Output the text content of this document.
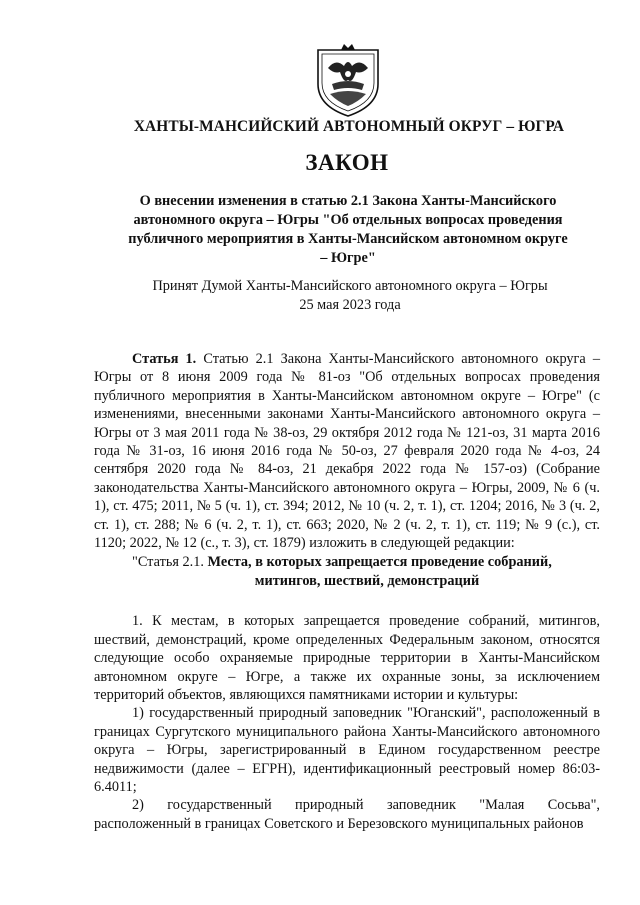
ХАНТЫ-МАНСИЙСКИЙ АВТОНОМНЫЙ ОКРУГ – ЮГРА
ЗАКОН
О внесении изменения в статью 2.1 Закона Ханты-Мансийского автономного округа – Югры "Об отдельных вопросах проведения публичного мероприятия в Ханты-Мансийском автономном округе – Югре"
Принят Думой Ханты-Мансийского автономного округа – Югры 25 мая 2023 года

Статья 1. Статью 2.1 Закона Ханты-Мансийского автономного округа – Югры от 8 июня 2009 года № 81-оз "Об отдельных вопросах проведения публичного мероприятия в Ханты-Мансийском автономном округе – Югре" (с изменениями, внесенными законами Ханты-Мансийского автономного округа – Югры от 3 мая 2011 года № 38-оз, 29 октября 2012 года № 121-оз, 31 марта 2016 года № 31-оз, 16 июня 2016 года № 50-оз, 27 февраля 2020 года № 4-оз, 24 сентября 2020 года № 84-оз, 21 декабря 2022 года № 157-оз) (Собрание законодательства Ханты-Мансийского автономного округа – Югры, 2009, № 6 (ч. 1), ст. 475; 2011, № 5 (ч. 1), ст. 394; 2012, № 10 (ч. 2, т. 1), ст. 1204; 2016, № 3 (ч. 2, ст. 1), ст. 288; № 6 (ч. 2, т. 1), ст. 663; 2020, № 2 (ч. 2, т. 1), ст. 119; № 9 (с.), ст. 1120; 2022, № 12 (с., т. 3), ст. 1879) изложить в следующей редакции:

"Статья 2.1. Места, в которых запрещается проведение собраний,

митингов, шествий, демонстраций

1. К местам, в которых запрещается проведение собраний, митингов, шествий, демонстраций, кроме определенных Федеральным законом, относятся следующие особо охраняемые природные территории в Ханты-Мансийском автономном округе – Югре, а также их охранные зоны, за исключением территорий объектов, являющихся памятниками истории и культуры:

1) государственный природный заповедник "Юганский", расположенный в границах Сургутского муниципального района Ханты-Мансийского автономного округа – Югры, зарегистрированный в Едином государственном реестре недвижимости (далее – ЕГРН), идентификационный реестровый номер 86:03-6.4011;

2) государственный природный заповедник "Малая Сосьва", расположенный в границах Советского и Березовского муниципальных районов
